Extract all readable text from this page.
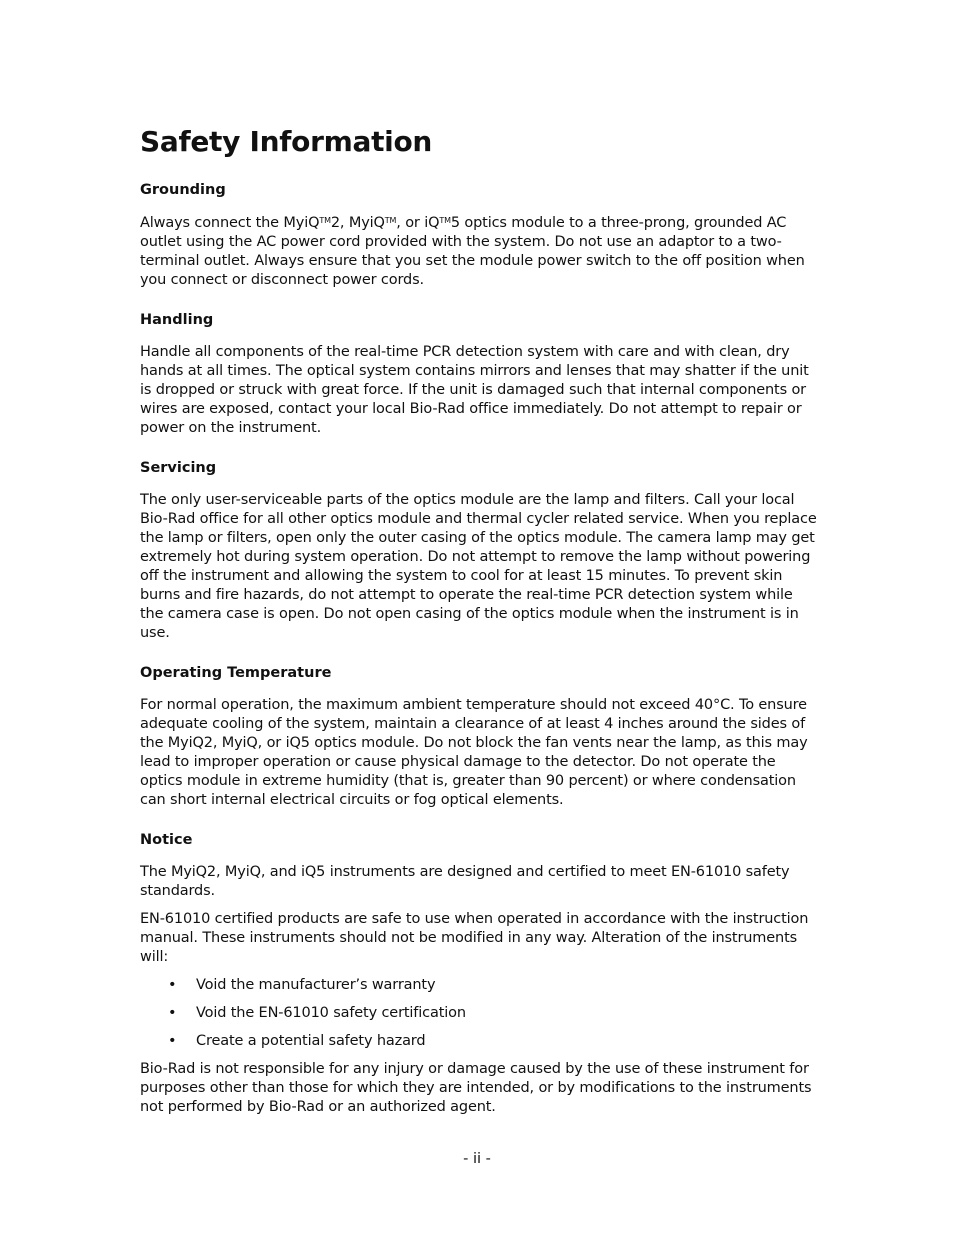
Safety Information
Grounding

Always connect the MyiQ™2, MyiQ™, or iQ™5 optics module to a three-prong, grounded AC outlet using the AC power cord provided with the system. Do not use an adaptor to a two-terminal outlet. Always ensure that you set the module power switch to the off position when you connect or disconnect power cords.

Handling

Handle all components of the real-time PCR detection system with care and with clean, dry hands at all times. The optical system contains mirrors and lenses that may shatter if the unit is dropped or struck with great force. If the unit is damaged such that internal components or wires are exposed, contact your local Bio-Rad office immediately. Do not attempt to repair or power on the instrument.

Servicing

The only user-serviceable parts of the optics module are the lamp and filters. Call your local Bio-Rad office for all other optics module and thermal cycler related service. When you replace the lamp or filters, open only the outer casing of the optics module. The camera lamp may get extremely hot during system operation. Do not attempt to remove the lamp without powering off the instrument and allowing the system to cool for at least 15 minutes. To prevent skin burns and fire hazards, do not attempt to operate the real-time PCR detection system while the camera case is open. Do not open casing of the optics module when the instrument is in use.

Operating Temperature

For normal operation, the maximum ambient temperature should not exceed 40°C. To ensure adequate cooling of the system, maintain a clearance of at least 4 inches around the sides of the MyiQ2, MyiQ, or iQ5 optics module. Do not block the fan vents near the lamp, as this may lead to improper operation or cause physical damage to the detector. Do not operate the optics module in extreme humidity (that is, greater than 90 percent) or where condensation can short internal electrical circuits or fog optical elements.

Notice

The MyiQ2, MyiQ, and iQ5 instruments are designed and certified to meet EN-61010 safety standards.

EN-61010 certified products are safe to use when operated in accordance with the instruction manual. These instruments should not be modified in any way. Alteration of the instruments will:

• Void the manufacturer’s warranty
• Void the EN-61010 safety certification
• Create a potential safety hazard

Bio-Rad is not responsible for any injury or damage caused by the use of these instrument for purposes other than those for which they are intended, or by modifications to the instruments not performed by Bio-Rad or an authorized agent.

- ii -
